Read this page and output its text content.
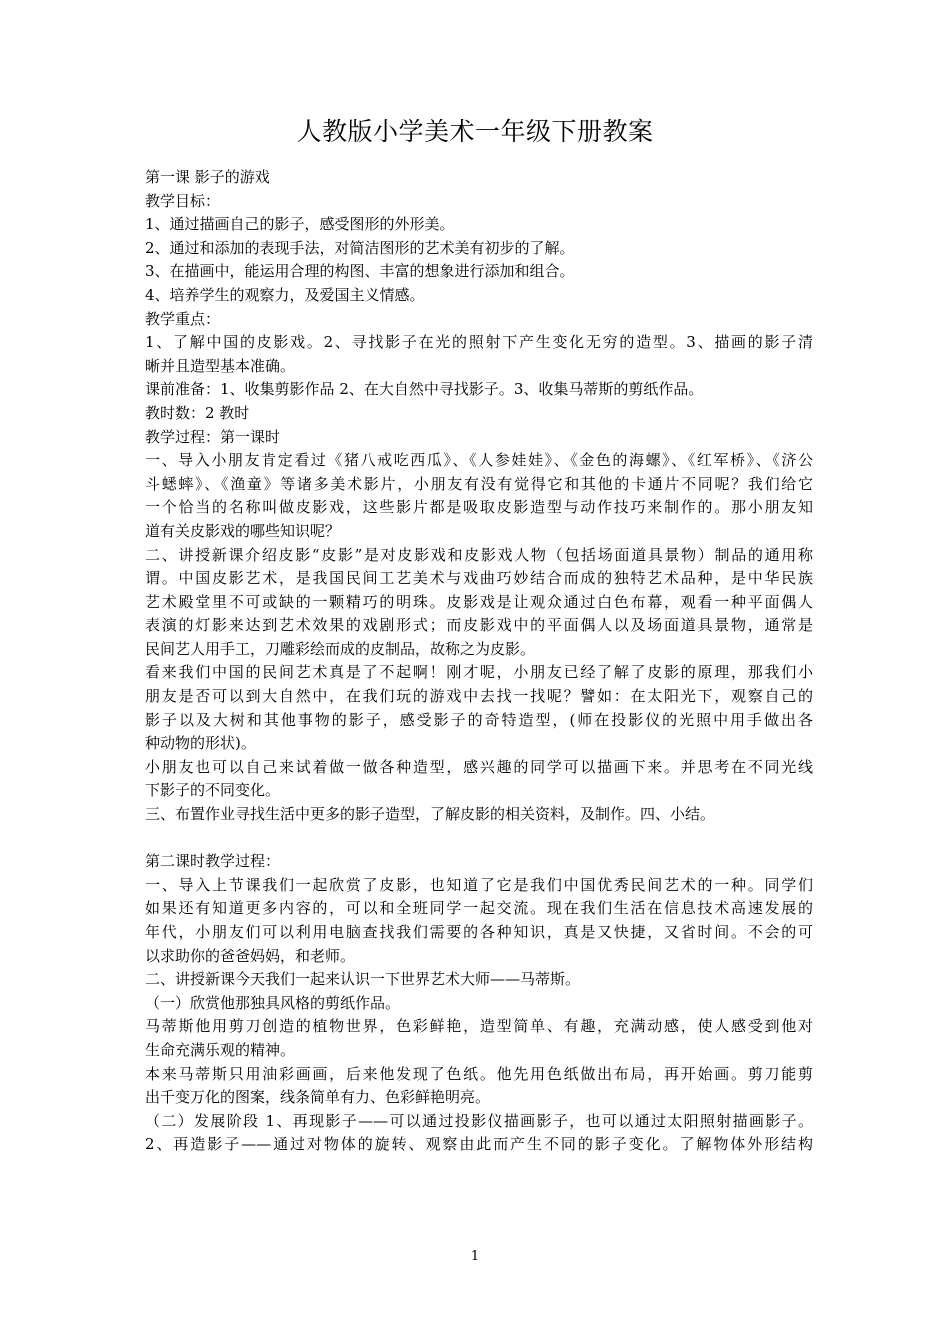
人教版小学美术一年级下册教案
第一课 影子的游戏
教学目标：
1、通过描画自己的影子，感受图形的外形美。
2、通过和添加的表现手法，对简洁图形的艺术美有初步的了解。
3、在描画中，能运用合理的构图、丰富的想象进行添加和组合。
4、培养学生的观察力，及爱国主义情感。
教学重点：
1、了解中国的皮影戏。2、寻找影子在光的照射下产生变化无穷的造型。3、描画的影子清
晰并且造型基本准确。
课前准备：1、收集剪影作品 2、在大自然中寻找影子。3、收集马蒂斯的剪纸作品。
教时数：2 教时
教学过程：第一课时
一、导入小朋友肯定看过《猪八戒吃西瓜》、《人参娃娃》、《金色的海螺》、《红军桥》、《济公
斗蟋蟀》、《渔童》等诸多美术影片，小朋友有没有觉得它和其他的卡通片不同呢？我们给它
一个恰当的名称叫做皮影戏，这些影片都是吸取皮影造型与动作技巧来制作的。那小朋友知
道有关皮影戏的哪些知识呢？
二、讲授新课介绍皮影“皮影”是对皮影戏和皮影戏人物（包括场面道具景物）制品的通用称
谓。中国皮影艺术，是我国民间工艺美术与戏曲巧妙结合而成的独特艺术品种，是中华民族
艺术殿堂里不可或缺的一颗精巧的明珠。皮影戏是让观众通过白色布幕，观看一种平面偶人
表演的灯影来达到艺术效果的戏剧形式；而皮影戏中的平面偶人以及场面道具景物，通常是
民间艺人用手工，刀雕彩绘而成的皮制品，故称之为皮影。
看来我们中国的民间艺术真是了不起啊！刚才呢，小朋友已经了解了皮影的原理，那我们小
朋友是否可以到大自然中，在我们玩的游戏中去找一找呢？譬如：在太阳光下，观察自己的
影子以及大树和其他事物的影子，感受影子的奇特造型，(师在投影仪的光照中用手做出各
种动物的形状)。
小朋友也可以自己来试着做一做各种造型，感兴趣的同学可以描画下来。并思考在不同光线
下影子的不同变化。
三、布置作业寻找生活中更多的影子造型，了解皮影的相关资料，及制作。四、小结。
第二课时教学过程：
一、导入上节课我们一起欣赏了皮影，也知道了它是我们中国优秀民间艺术的一种。同学们
如果还有知道更多内容的，可以和全班同学一起交流。现在我们生活在信息技术高速发展的
年代，小朋友们可以利用电脑查找我们需要的各种知识，真是又快捷，又省时间。不会的可
以求助你的爸爸妈妈，和老师。
二、讲授新课今天我们一起来认识一下世界艺术大师——马蒂斯。
（一）欣赏他那独具风格的剪纸作品。
马蒂斯他用剪刀创造的植物世界，色彩鲜艳，造型简单、有趣，充满动感，使人感受到他对
生命充满乐观的精神。
本来马蒂斯只用油彩画画，后来他发现了色纸。他先用色纸做出布局，再开始画。剪刀能剪
出千变万化的图案，线条简单有力、色彩鲜艳明亮。
（二）发展阶段 1、再现影子——可以通过投影仪描画影子，也可以通过太阳照射描画影子。
2、再造影子——通过对物体的旋转、观察由此而产生不同的影子变化。了解物体外形结构
1
